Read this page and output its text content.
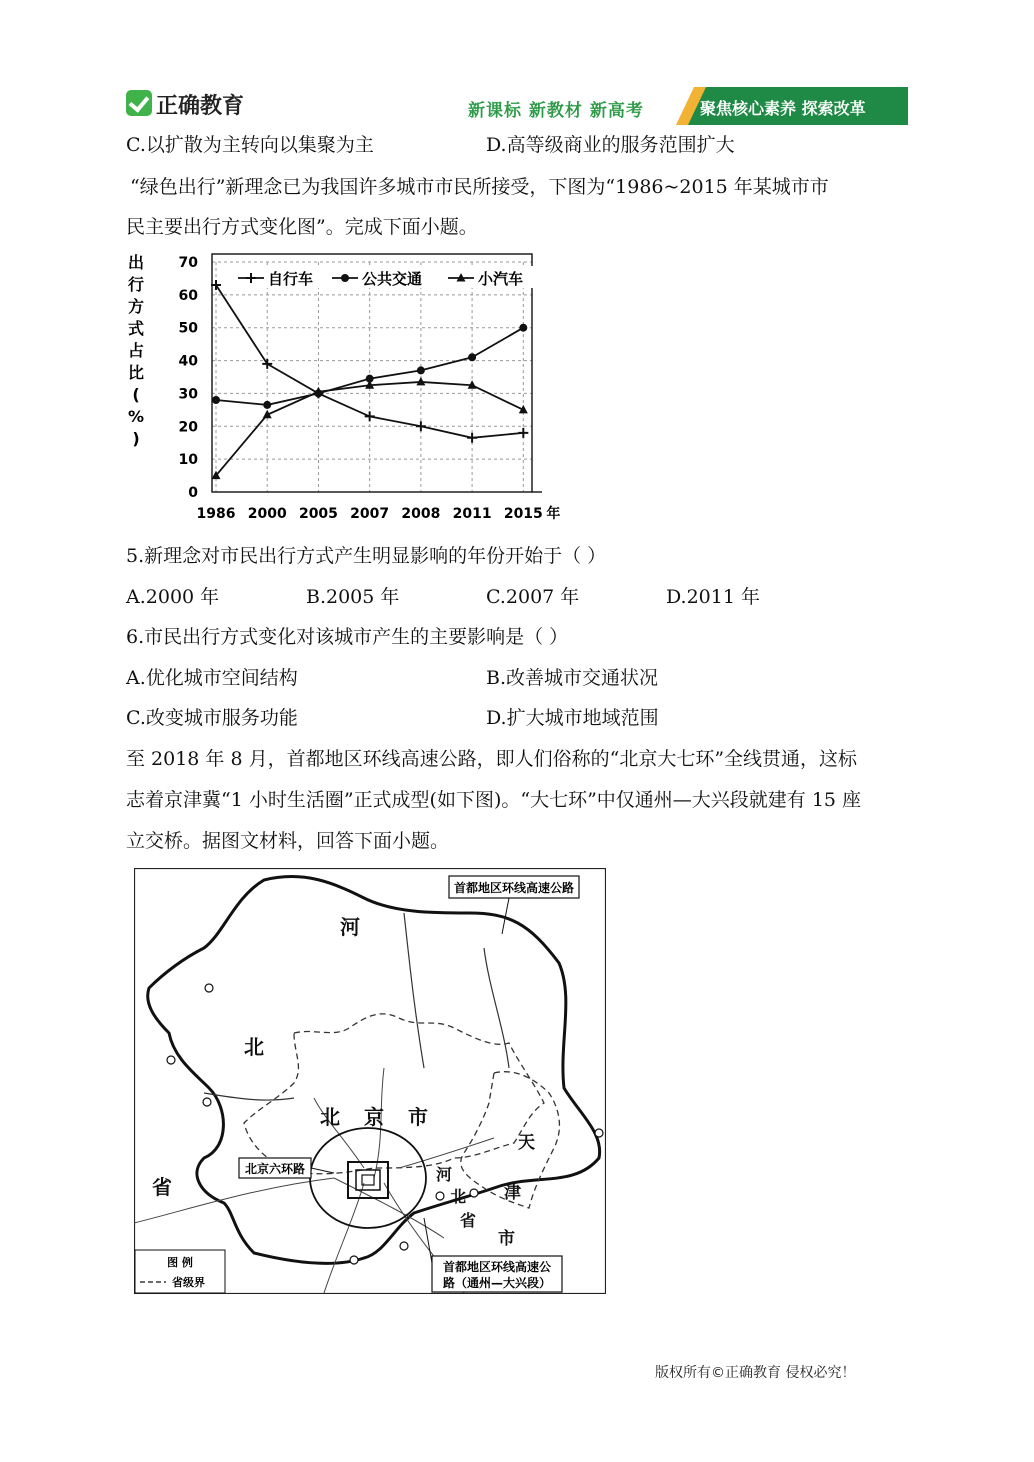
正确教育	新课标 新教材 新高考	聚焦核心素养 探索改革
C.以扩散为主转向以集聚为主	D.高等级商业的服务范围扩大
“绿色出行”新理念已为我国许多城市市民所接受，下图为“1986~2015 年某城市市
民主要出行方式变化图”。完成下面小题。
出
行
方
式
占
比
(
%
)
0
10
20
30
40
50
60
70
1986 2000 2005 2007 2008 2011 2015 年
自行车	公共交通	小汽车
5.新理念对市民出行方式产生明显影响的年份开始于（ ）
A.2000 年	B.2005 年	C.2007 年	D.2011 年
6.市民出行方式变化对该城市产生的主要影响是（ ）
A.优化城市空间结构	B.改善城市交通状况
C.改变城市服务功能	D.扩大城市地域范围
至 2018 年 8 月，首都地区环线高速公路，即人们俗称的“北京大七环”全线贯通，这标
志着京津冀“1 小时生活圈”正式成型(如下图)。“大七环”中仅通州—大兴段就建有 15 座
立交桥。据图文材料，回答下面小题。
首都地区环线高速公路
北京六环路
首都地区环线高速公
路（通州—大兴段）
河
北
省
北 京 市
天
津
市
河
北
省
图 例
省级界
版权所有©正确教育 侵权必究！
